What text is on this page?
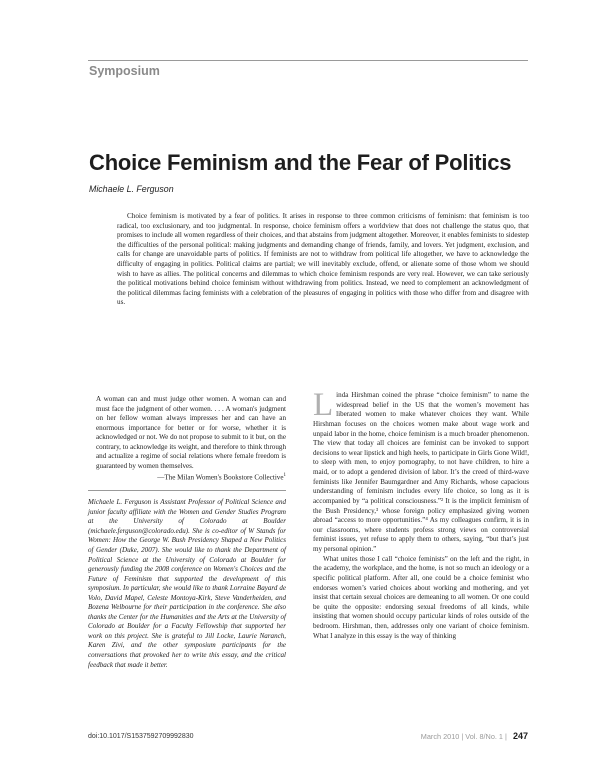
Symposium
Choice Feminism and the Fear of Politics
Michaele L. Ferguson
Choice feminism is motivated by a fear of politics. It arises in response to three common criticisms of feminism: that feminism is too radical, too exclusionary, and too judgmental. In response, choice feminism offers a worldview that does not challenge the status quo, that promises to include all women regardless of their choices, and that abstains from judgment altogether. Moreover, it enables feminists to sidestep the difficulties of the personal political: making judgments and demanding change of friends, family, and lovers. Yet judgment, exclusion, and calls for change are unavoidable parts of politics. If feminists are not to withdraw from political life altogether, we have to acknowledge the difficulty of engaging in politics. Political claims are partial; we will inevitably exclude, offend, or alienate some of those whom we should wish to have as allies. The political concerns and dilemmas to which choice feminism responds are very real. However, we can take seriously the political motivations behind choice feminism without withdrawing from politics. Instead, we need to complement an acknowledgment of the political dilemmas facing feminists with a celebration of the pleasures of engaging in politics with those who differ from and disagree with us.
A woman can and must judge other women. A woman can and must face the judgment of other women. . . . A woman's judgment on her fellow woman always impresses her and can have an enormous importance for better or for worse, whether it is acknowledged or not. We do not propose to submit to it but, on the contrary, to acknowledge its weight, and therefore to think through and actualize a regime of social relations where female freedom is guaranteed by women themselves.
—The Milan Women's Bookstore Collective$^1$
Michaele L. Ferguson is Assistant Professor of Political Science and junior faculty affiliate with the Women and Gender Studies Program at the University of Colorado at Boulder (michaele.ferguson@colorado.edu). She is co-editor of W Stands for Women: How the George W. Bush Presidency Shaped a New Politics of Gender (Duke, 2007). She would like to thank the Department of Political Science at the University of Colorado at Boulder for generously funding the 2008 conference on Women's Choices and the Future of Feminism that supported the development of this symposium. In particular, she would like to thank Lorraine Bayard de Volo, David Mapel, Celeste Montoya-Kirk, Steve Vanderheiden, and Bozena Welbourne for their participation in the conference. She also thanks the Center for the Humanities and the Arts at the University of Colorado at Boulder for a Faculty Fellowship that supported her work on this project. She is grateful to Jill Locke, Laurie Naranch, Karen Zivi, and the other symposium participants for the conversations that provoked her to write this essay, and the critical feedback that made it better.

Linda Hirshman coined the phrase “choice feminism” to name the widespread belief in the US that the women’s movement has liberated women to make whatever choices they want. While Hirshman focuses on the choices women make about wage work and unpaid labor in the home, choice feminism is a much broader phenomenon. The view that today all choices are feminist can be invoked to support decisions to wear lipstick and high heels, to participate in Girls Gone Wild!, to sleep with men, to enjoy pornography, to not have children, to hire a maid, or to adopt a gendered division of labor. It’s the creed of third-wave feminists like Jennifer Baumgardner and Amy Richards, whose capacious understanding of feminism includes every life choice, so long as it is accompanied by “a political consciousness.”² It is the implicit feminism of the Bush Presidency,³ whose foreign policy emphasized giving women abroad “access to more opportunities.”⁴ As my colleagues confirm, it is in our classrooms, where students profess strong views on controversial feminist issues, yet refuse to apply them to others, saying, “but that’s just my personal opinion.”

What unites those I call “choice feminists” on the left and the right, in the academy, the workplace, and the home, is not so much an ideology or a specific political platform. After all, one could be a choice feminist who endorses women’s varied choices about working and mothering, and yet insist that certain sexual choices are demeaning to all women. Or one could be quite the opposite: endorsing sexual freedoms of all kinds, while insisting that women should occupy particular kinds of roles outside of the bedroom. Hirshman, then, addresses only one variant of choice feminism. What I analyze in this essay is the way of thinking

doi:10.1017/S1537592709992830	March 2010 | Vol. 8/No. 1 | 247
